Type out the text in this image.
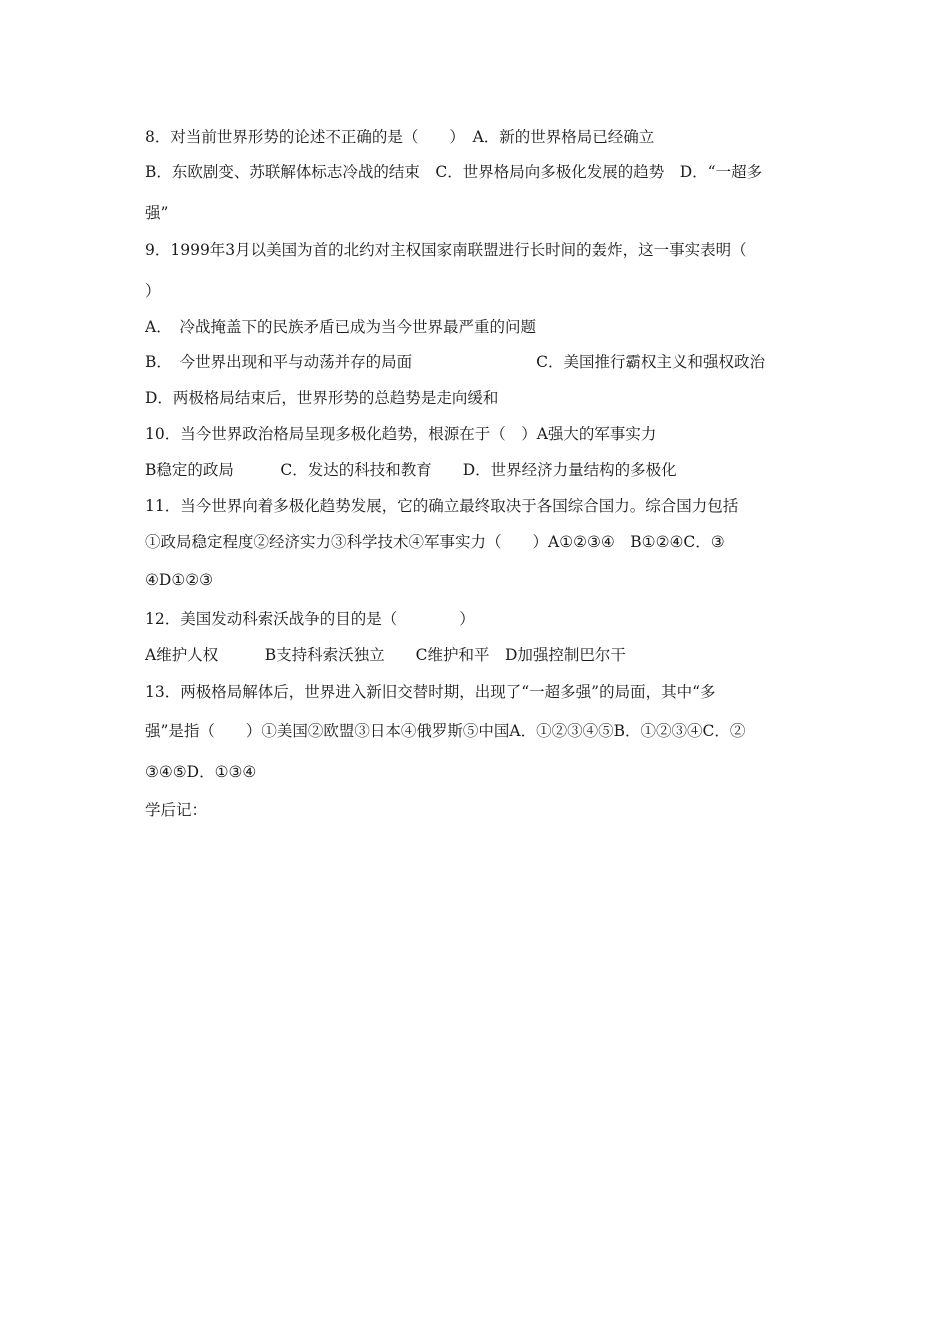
8．对当前世界形势的论述不正确的是（　　）　A．新的世界格局已经确立
B．东欧剧变、苏联解体标志冷战的结束　C．世界格局向多极化发展的趋势　D．“一超多
强”
9．1999年3月以美国为首的北约对主权国家南联盟进行长时间的轰炸，这一事实表明（
）
A．　冷战掩盖下的民族矛盾已成为当今世界最严重的问题
B．　今世界出现和平与动荡并存的局面　　　　　　　　C．美国推行霸权主义和强权政治
D．两极格局结束后，世界形势的总趋势是走向缓和
10．当今世界政治格局呈现多极化趋势，根源在于（　）A强大的军事实力
B稳定的政局　　　C．发达的科技和教育　　D．世界经济力量结构的多极化
11．当今世界向着多极化趋势发展，它的确立最终取决于各国综合国力。综合国力包括
①政局稳定程度②经济实力③科学技术④军事实力（　　）A①②③④　B①②④C．③
④D①②③
12．美国发动科索沃战争的目的是（　　　　）
A维护人权　　　B支持科索沃独立　　C维护和平　D加强控制巴尔干
13．两极格局解体后，世界进入新旧交替时期，出现了“一超多强”的局面，其中“多
强”是指（　　）①美国②欧盟③日本④俄罗斯⑤中国A．①②③④⑤B．①②③④C．②
③④⑤D．①③④
学后记：
